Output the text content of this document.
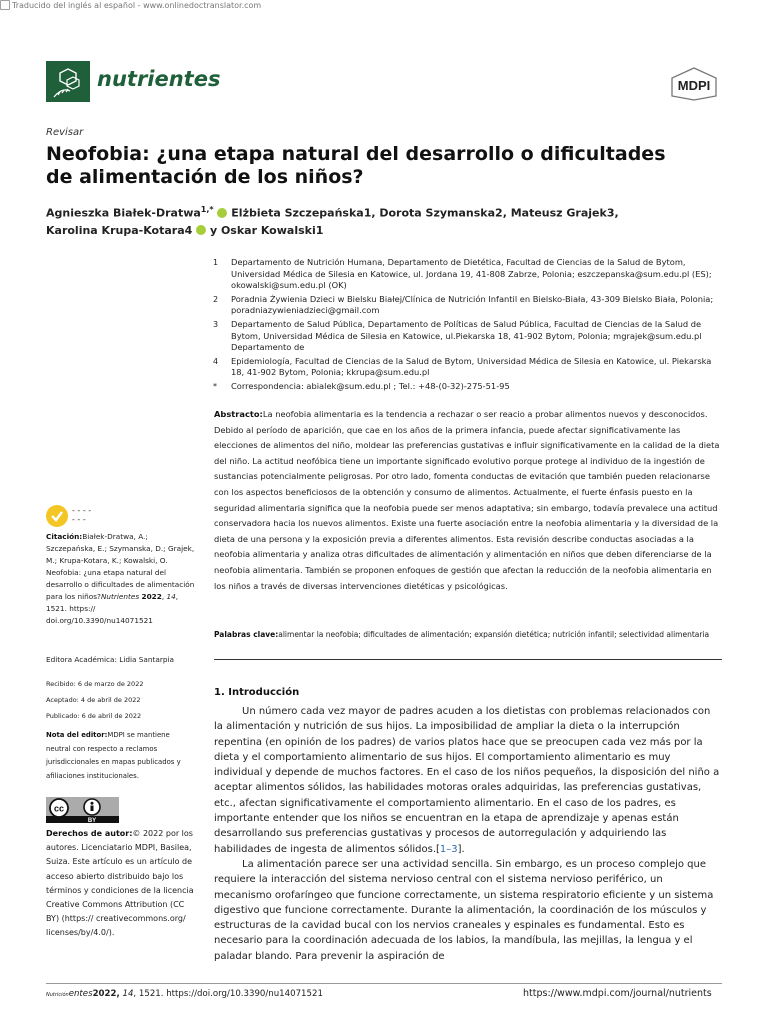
Traducido del inglés al español - www.onlinedoctranslator.com
nutrientes	MDPI
Revisar
Neofobia: ¿una etapa natural del desarrollo o dificultades de alimentación de los niños?
Agnieszka Białek-Dratwa$^{1,*}$ Elżbieta Szczepańska1, Dorota Szymanska2, Mateusz Grajek3,
Karolina Krupa-Kotara4 y Oskar Kowalski1
1	Departamento de Nutrición Humana, Departamento de Dietética, Facultad de Ciencias de la Salud de Bytom, Universidad Médica de Silesia en Katowice, ul. Jordana 19, 41-808 Zabrze, Polonia; eszczepanska@sum.edu.pl (ES); okowalski@sum.edu.pl (OK)
2	Poradnia Żywienia Dzieci w Bielsku Białej/Clínica de Nutrición Infantil en Bielsko-Biała, 43-309 Bielsko Biała, Polonia; poradniazywieniadzieci@gmail.com
3	Departamento de Salud Pública, Departamento de Políticas de Salud Pública, Facultad de Ciencias de la Salud de Bytom, Universidad Médica de Silesia en Katowice, ul.Piekarska 18, 41-902 Bytom, Polonia; mgrajek@sum.edu.pl Departamento de
4	Epidemiología, Facultad de Ciencias de la Salud de Bytom, Universidad Médica de Silesia en Katowice, ul. Piekarska 18, 41-902 Bytom, Polonia; kkrupa@sum.edu.pl
*	Correspondencia: abialek@sum.edu.pl ; Tel.: +48-(0-32)-275-51-95
Abstracto:La neofobia alimentaria es la tendencia a rechazar o ser reacio a probar alimentos nuevos y desconocidos. Debido al período de aparición, que cae en los años de la primera infancia, puede afectar significativamente las elecciones de alimentos del niño, moldear las preferencias gustativas e influir significativamente en la calidad de la dieta del niño. La actitud neofóbica tiene un importante significado evolutivo porque protege al individuo de la ingestión de sustancias potencialmente peligrosas. Por otro lado, fomenta conductas de evitación que también pueden relacionarse con los aspectos beneficiosos de la obtención y consumo de alimentos. Actualmente, el fuerte énfasis puesto en la seguridad alimentaria significa que la neofobia puede ser menos adaptativa; sin embargo, todavía prevalece una actitud conservadora hacia los nuevos alimentos. Existe una fuerte asociación entre la neofobia alimentaria y la diversidad de la dieta de una persona y la exposición previa a diferentes alimentos. Esta revisión describe conductas asociadas a la neofobia alimentaria y analiza otras dificultades de alimentación y alimentación en niños que deben diferenciarse de la neofobia alimentaria. También se proponen enfoques de gestión que afectan la reducción de la neofobia alimentaria en los niños a través de diversas intervenciones dietéticas y psicológicas.
Palabras clave:alimentar la neofobia; dificultades de alimentación; expansión dietética; nutrición infantil; selectividad alimentaria
- - - -
- - -
Citación:Białek-Dratwa, A.; Szczepańska, E.; Szymanska, D.; Grajek, M.; Krupa-Kotara, K.; Kowalski, O. Neofobia: ¿una etapa natural del desarrollo o dificultades de alimentación para los niños?Nutrientes 2022, 14, 1521. https:// doi.org/10.3390/nu14071521
Editora Académica: Lidia Santarpia
Recibido: 6 de marzo de 2022
Aceptado: 4 de abril de 2022
Publicado: 6 de abril de 2022
Nota del editor:MDPI se mantiene neutral con respecto a reclamos jurisdiccionales en mapas publicados y afiliaciones institucionales.
cc
BY
Derechos de autor:© 2022 por los autores. Licenciatario MDPI, Basilea, Suiza. Este artículo es un artículo de acceso abierto distribuido bajo los términos y condiciones de la licencia Creative Commons Attribution (CC BY) (https:// creativecommons.org/ licenses/by/4.0/).
1. Introducción

Un número cada vez mayor de padres acuden a los dietistas con problemas relacionados con la alimentación y nutrición de sus hijos. La imposibilidad de ampliar la dieta o la interrupción repentina (en opinión de los padres) de varios platos hace que se preocupen cada vez más por la dieta y el comportamiento alimentario de sus hijos. El comportamiento alimentario es muy individual y depende de muchos factores. En el caso de los niños pequeños, la disposición del niño a aceptar alimentos sólidos, las habilidades motoras orales adquiridas, las preferencias gustativas, etc., afectan significativamente el comportamiento alimentario. En el caso de los padres, es importante entender que los niños se encuentran en la etapa de aprendizaje y apenas están desarrollando sus preferencias gustativas y procesos de autorregulación y adquiriendo las habilidades de ingesta de alimentos sólidos.[1–3].

La alimentación parece ser una actividad sencilla. Sin embargo, es un proceso complejo que requiere la interacción del sistema nervioso central con el sistema nervioso periférico, un mecanismo orofaríngeo que funcione correctamente, un sistema respiratorio eficiente y un sistema digestivo que funcione correctamente. Durante la alimentación, la coordinación de los músculos y estructuras de la cavidad bucal con los nervios craneales y espinales es fundamental. Esto es necesario para la coordinación adecuada de los labios, la mandíbula, las mejillas, la lengua y el paladar blando. Para prevenir la aspiración de

Nutriciónentes2022, 14, 1521. https://doi.org/10.3390/nu14071521	https://www.mdpi.com/journal/nutrients
